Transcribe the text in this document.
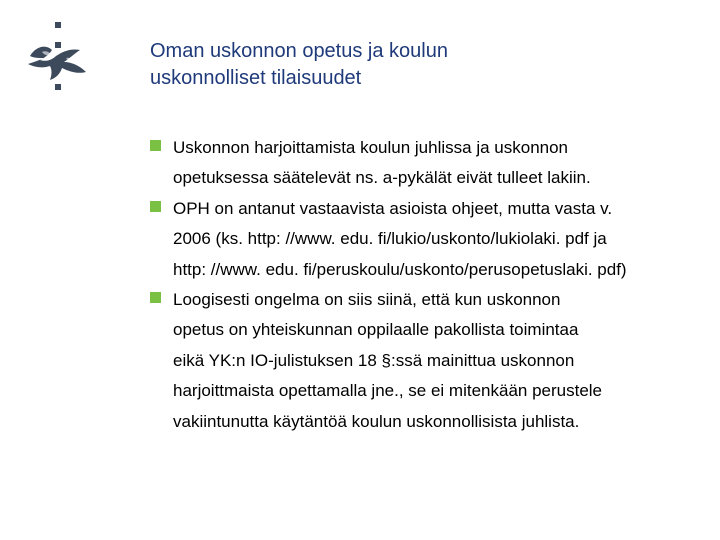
Oman uskonnon opetus ja koulun
uskonnolliset tilaisuudet
Uskonnon harjoittamista koulun juhlissa ja uskonnon
opetuksessa säätelevät ns. a-pykälät eivät tulleet lakiin.
OPH on antanut vastaavista asioista ohjeet, mutta vasta v.
2006 (ks. http: //www. edu. fi/lukio/uskonto/lukiolaki. pdf ja
http: //www. edu. fi/peruskoulu/uskonto/perusopetuslaki. pdf)
Loogisesti ongelma on siis siinä, että kun uskonnon
opetus on yhteiskunnan oppilaalle pakollista toimintaa
eikä YK:n IO-julistuksen 18 §:ssä mainittua uskonnon
harjoittmaista opettamalla jne., se ei mitenkään perustele
vakiintunutta käytäntöä koulun uskonnollisista juhlista.
